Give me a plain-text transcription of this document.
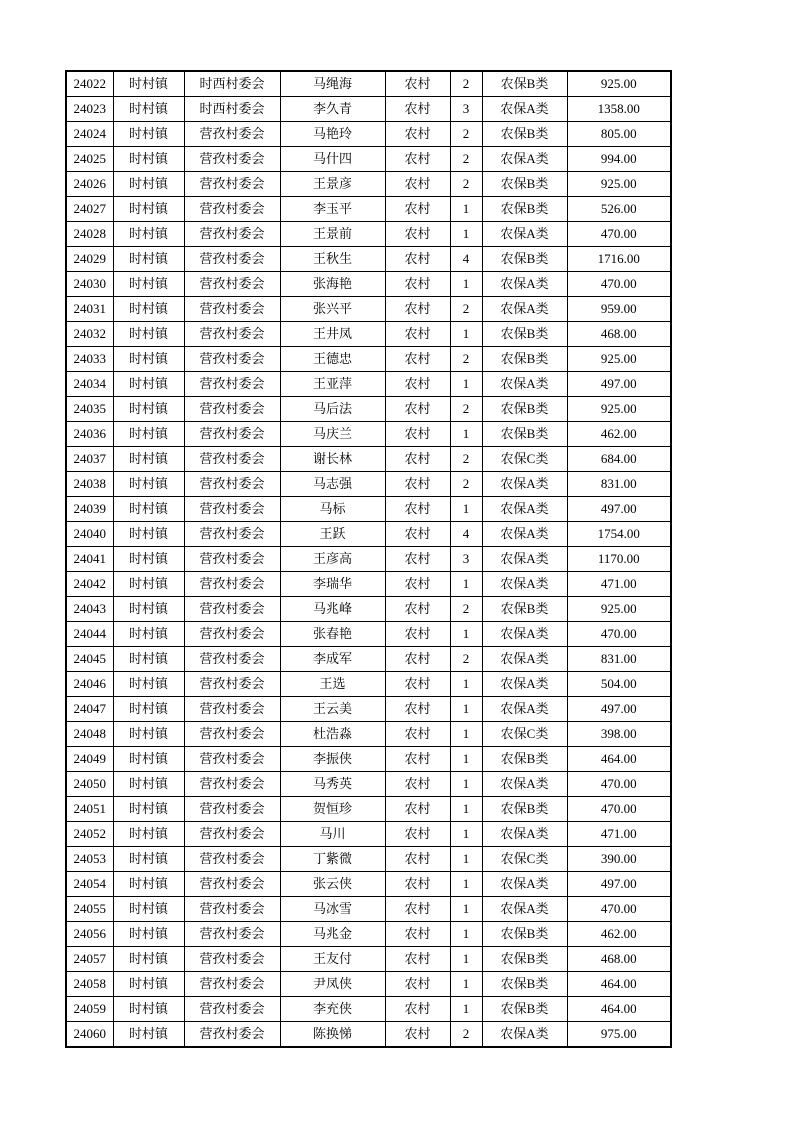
24022	时村镇	时西村委会	马绳海	农村	2	农保B类	925.00
24023	时村镇	时西村委会	李久青	农村	3	农保A类	1358.00
24024	时村镇	营孜村委会	马艳玲	农村	2	农保B类	805.00
24025	时村镇	营孜村委会	马什四	农村	2	农保A类	994.00
24026	时村镇	营孜村委会	王景彦	农村	2	农保B类	925.00
24027	时村镇	营孜村委会	李玉平	农村	1	农保B类	526.00
24028	时村镇	营孜村委会	王景前	农村	1	农保A类	470.00
24029	时村镇	营孜村委会	王秋生	农村	4	农保B类	1716.00
24030	时村镇	营孜村委会	张海艳	农村	1	农保A类	470.00
24031	时村镇	营孜村委会	张兴平	农村	2	农保A类	959.00
24032	时村镇	营孜村委会	王井凤	农村	1	农保B类	468.00
24033	时村镇	营孜村委会	王德忠	农村	2	农保B类	925.00
24034	时村镇	营孜村委会	王亚萍	农村	1	农保A类	497.00
24035	时村镇	营孜村委会	马后法	农村	2	农保B类	925.00
24036	时村镇	营孜村委会	马庆兰	农村	1	农保B类	462.00
24037	时村镇	营孜村委会	谢长林	农村	2	农保C类	684.00
24038	时村镇	营孜村委会	马志强	农村	2	农保A类	831.00
24039	时村镇	营孜村委会	马标	农村	1	农保A类	497.00
24040	时村镇	营孜村委会	王跃	农村	4	农保A类	1754.00
24041	时村镇	营孜村委会	王彦高	农村	3	农保A类	1170.00
24042	时村镇	营孜村委会	李瑞华	农村	1	农保A类	471.00
24043	时村镇	营孜村委会	马兆峰	农村	2	农保B类	925.00
24044	时村镇	营孜村委会	张春艳	农村	1	农保A类	470.00
24045	时村镇	营孜村委会	李成军	农村	2	农保A类	831.00
24046	时村镇	营孜村委会	王选	农村	1	农保A类	504.00
24047	时村镇	营孜村委会	王云美	农村	1	农保A类	497.00
24048	时村镇	营孜村委会	杜浩淼	农村	1	农保C类	398.00
24049	时村镇	营孜村委会	李振侠	农村	1	农保B类	464.00
24050	时村镇	营孜村委会	马秀英	农村	1	农保A类	470.00
24051	时村镇	营孜村委会	贺恒珍	农村	1	农保B类	470.00
24052	时村镇	营孜村委会	马川	农村	1	农保A类	471.00
24053	时村镇	营孜村委会	丁紫微	农村	1	农保C类	390.00
24054	时村镇	营孜村委会	张云侠	农村	1	农保A类	497.00
24055	时村镇	营孜村委会	马冰雪	农村	1	农保A类	470.00
24056	时村镇	营孜村委会	马兆金	农村	1	农保B类	462.00
24057	时村镇	营孜村委会	王友付	农村	1	农保B类	468.00
24058	时村镇	营孜村委会	尹凤侠	农村	1	农保B类	464.00
24059	时村镇	营孜村委会	李充侠	农村	1	农保B类	464.00
24060	时村镇	营孜村委会	陈换悌	农村	2	农保A类	975.00
